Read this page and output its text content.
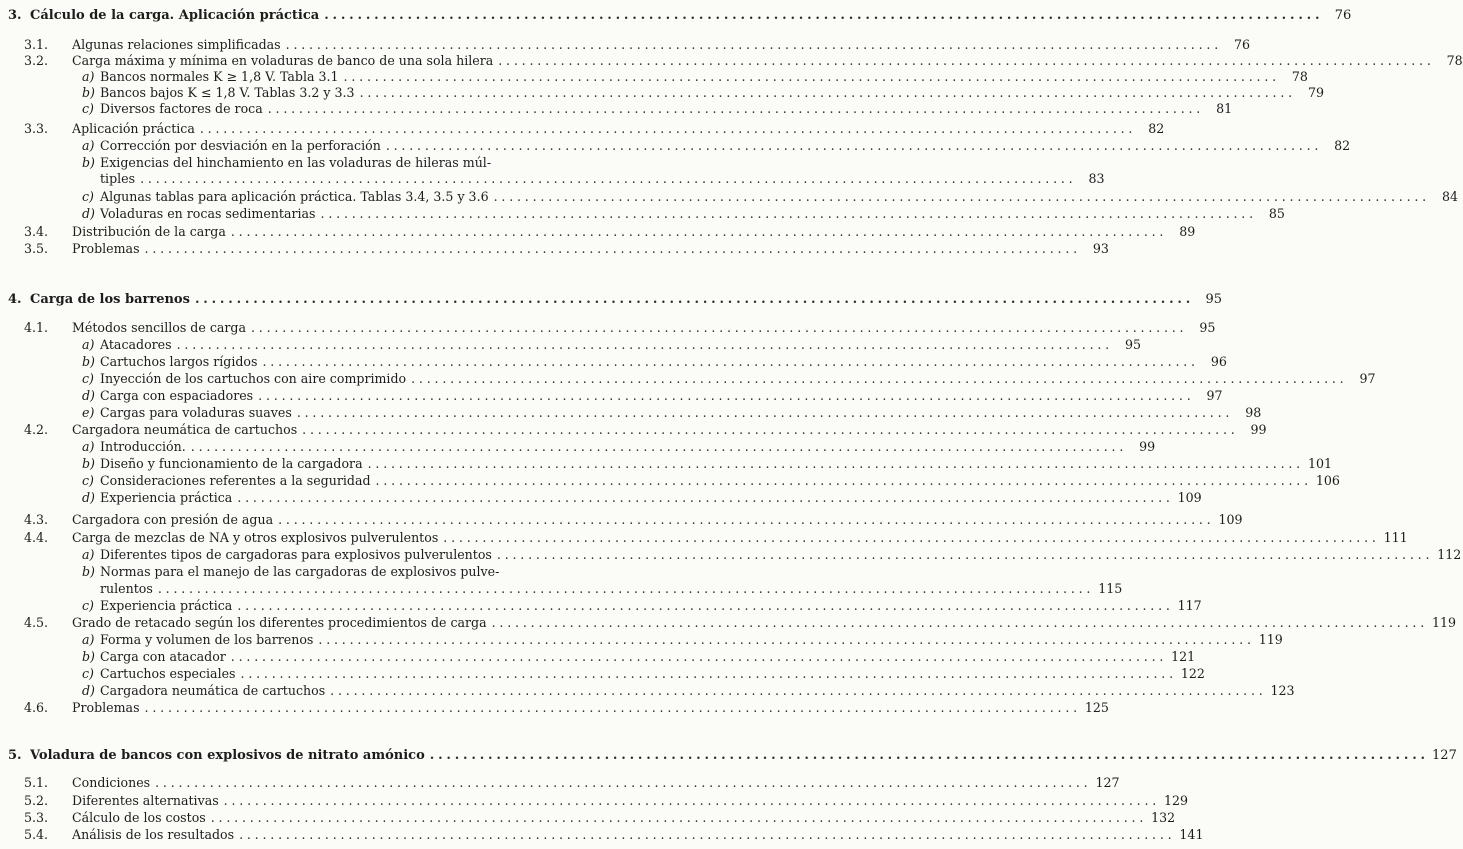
3. Cálculo de la carga. Aplicación práctica ........................................................................................................................ 76
3.1. Algunas relaciones simplificadas ........................................................................................................................ 76
3.2. Carga máxima y mínima en voladuras de banco de una sola hilera ........................................................................................................................ 78
a) Bancos normales K ≥ 1,8 V. Tabla 3.1 ........................................................................................................................ 78
b) Bancos bajos K ≤ 1,8 V. Tablas 3.2 y 3.3 ........................................................................................................................ 79
c) Diversos factores de roca ........................................................................................................................ 81
3.3. Aplicación práctica ........................................................................................................................ 82
a) Corrección por desviación en la perforación ........................................................................................................................ 82
b) Exigencias del hinchamiento en las voladuras de hileras múl-
tiples ........................................................................................................................ 83
c) Algunas tablas para aplicación práctica. Tablas 3.4, 3.5 y 3.6 ........................................................................................................................ 84
d) Voladuras en rocas sedimentarias ........................................................................................................................ 85
3.4. Distribución de la carga ........................................................................................................................ 89
3.5. Problemas ........................................................................................................................ 93
4. Carga de los barrenos ........................................................................................................................ 95
4.1. Métodos sencillos de carga ........................................................................................................................ 95
a) Atacadores ........................................................................................................................ 95
b) Cartuchos largos rígidos ........................................................................................................................ 96
c) Inyección de los cartuchos con aire comprimido ........................................................................................................................ 97
d) Carga con espaciadores ........................................................................................................................ 97
e) Cargas para voladuras suaves ........................................................................................................................ 98
4.2. Cargadora neumática de cartuchos ........................................................................................................................ 99
a) Introducción. ........................................................................................................................ 99
b) Diseño y funcionamiento de la cargadora ........................................................................................................................ 101
c) Consideraciones referentes a la seguridad ........................................................................................................................ 106
d) Experiencia práctica ........................................................................................................................ 109
4.3. Cargadora con presión de agua ........................................................................................................................ 109
4.4. Carga de mezclas de NA y otros explosivos pulverulentos ........................................................................................................................ 111
a) Diferentes tipos de cargadoras para explosivos pulverulentos ........................................................................................................................ 112
b) Normas para el manejo de las cargadoras de explosivos pulve-
rulentos ........................................................................................................................ 115
c) Experiencia práctica ........................................................................................................................ 117
4.5. Grado de retacado según los diferentes procedimientos de carga ........................................................................................................................ 119
a) Forma y volumen de los barrenos ........................................................................................................................ 119
b) Carga con atacador ........................................................................................................................ 121
c) Cartuchos especiales ........................................................................................................................ 122
d) Cargadora neumática de cartuchos ........................................................................................................................ 123
4.6. Problemas ........................................................................................................................ 125
5. Voladura de bancos con explosivos de nitrato amónico ........................................................................................................................ 127
5.1. Condiciones ........................................................................................................................ 127
5.2. Diferentes alternativas ........................................................................................................................ 129
5.3. Cálculo de los costos ........................................................................................................................ 132
5.4. Análisis de los resultados ........................................................................................................................ 141
